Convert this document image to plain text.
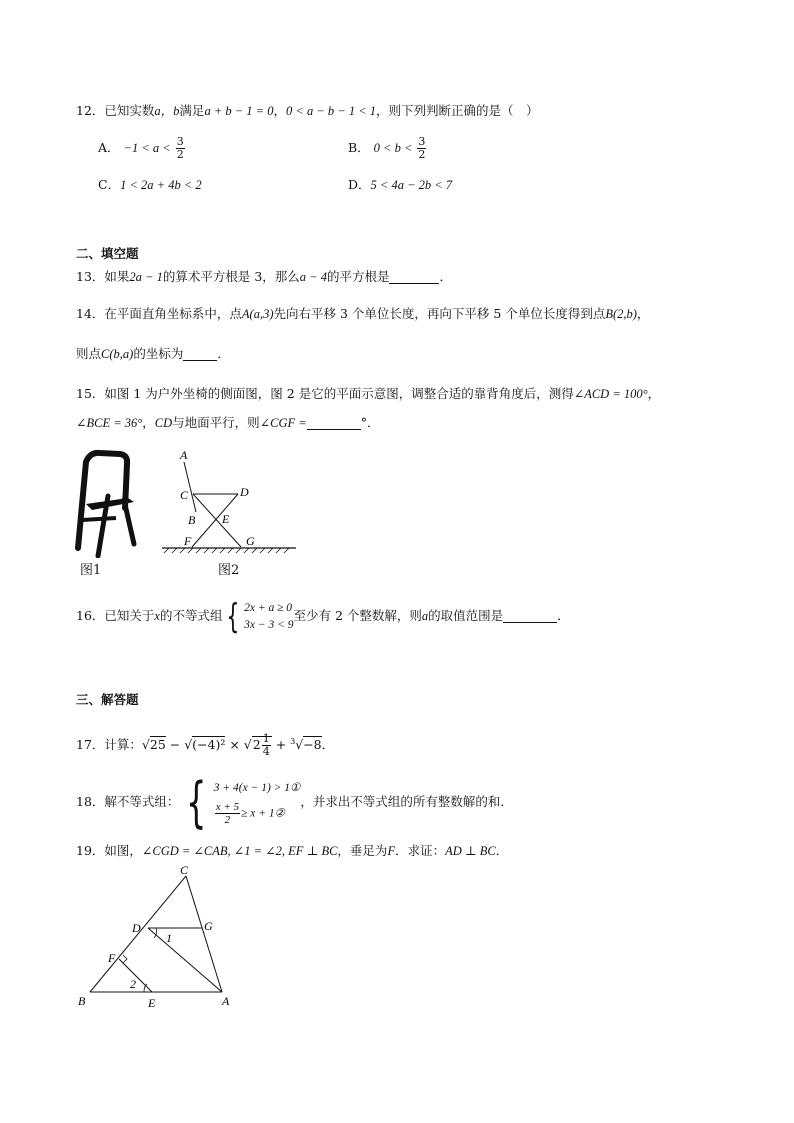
12．已知实数a，b满足a + b − 1 = 0，0 < a − b − 1 < 1，则下列判断正确的是（　）
A． $-1 < a < \frac{3}{2}$	B． $0 < b < \frac{3}{2}$
C．1 < 2a + 4b < 2	D．5 < 4a − 2b < 7
二、填空题
13．如果2a − 1的算术平方根是 3，那么a − 4的平方根是	．
14．在平面直角坐标系中，点A(a,3)先向右平移 3 个单位长度，再向下平移 5 个单位长度得到点B(2,b)，
则点C(b,a)的坐标为	．
15．如图 1 为户外坐椅的侧面图，图 2 是它的平面示意图，调整合适的靠背角度后，测得∠ACD = 100°，
∠BCE = 36°，CD与地面平行，则∠CGF =	°．
图1
A
C	D
B E
F	G
图2
16．已知关于x的不等式组 { 2x + a ≥ 0
3x − 3 < 9
至少有 2 个整数解，则a的取值范围是	．
三、解答题
17．计算：$√25 - √(-4)^2 \times √2 \frac{1}{4} + ^3√-8$．
18．解不等式组： { 3 + 4(x − 1) > 1①
$\frac{x + 5}{2} \ge x$ + 1②
，并求出不等式组的所有整数解的和．
19．如图，∠CGD = ∠CAB, ∠1 = ∠2, EF ⊥ BC，垂足为F．求证：AD ⊥ BC．
C
D	G
1
F
2
B	E	A
